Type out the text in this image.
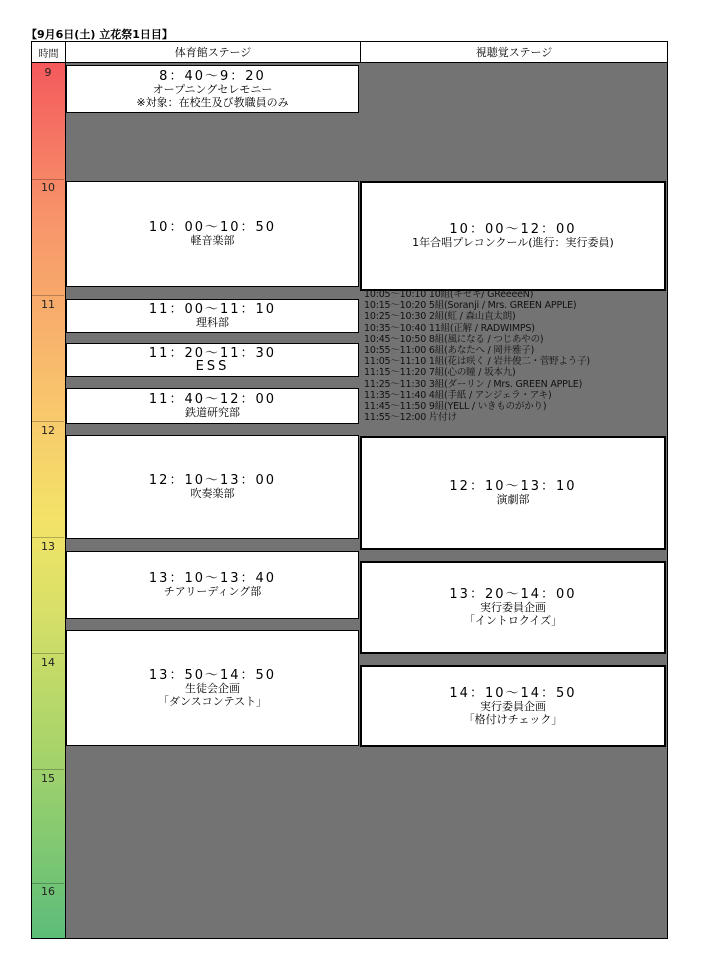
【9月6日(土) 立花祭1日目】
時間	体育館ステージ	視聴覚ステージ
9
10
11
12
13
14
15
16
8：40〜9：20
オープニングセレモニー
※対象：在校生及び教職員のみ
10：00〜10：50
軽音楽部
11：00〜11：10
理科部
11：20〜11：30
ESS
11：40〜12：00
鉄道研究部
12：10〜13：00
吹奏楽部
13：10〜13：40
チアリーディング部
13：50〜14：50
生徒会企画
「ダンスコンテスト」
10：00〜12：00
1年合唱プレコンクール(進行：実行委員)
10:05〜10:10 10組(キセキ/ GReeeeN)
10:15〜10:20 5組(Soranji / Mrs. GREEN APPLE)
10:25〜10:30 2組(虹 / 森山直太朗)
10:35〜10:40 11組(正解 / RADWIMPS)
10:45〜10:50 8組(風になる / つじあやの)
10:55〜11:00 6組(あなたへ / 岡井雅子)
11:05〜11:10 1組(花は咲く / 岩井俊二・菅野よう子)
11:15〜11:20 7組(心の瞳 / 坂本九)
11:25〜11:30 3組(ダーリン / Mrs. GREEN APPLE)
11:35〜11:40 4組(手紙 / アンジェラ・アキ)
11:45〜11:50 9組(YELL / いきものがかり)
11:55〜12:00 片付け
12：10〜13：10
演劇部
13：20〜14：00
実行委員企画
「イントロクイズ」
14：10〜14：50
実行委員企画
「格付けチェック」
